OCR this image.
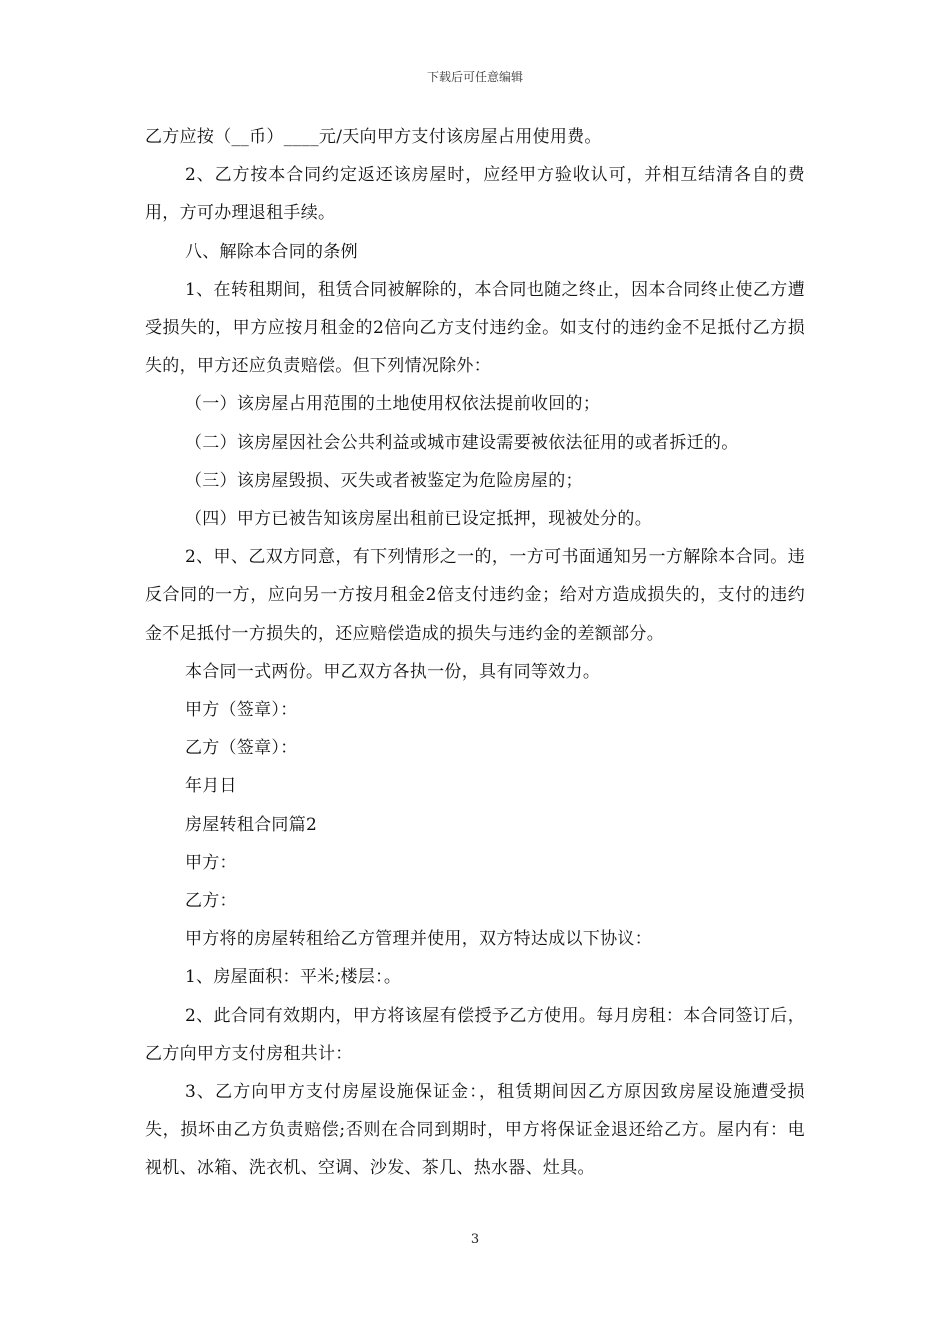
下载后可任意编辑

乙方应按（__币）____元/天向甲方支付该房屋占用使用费。

2、乙方按本合同约定返还该房屋时，应经甲方验收认可，并相互结清各自的费用，方可办理退租手续。

八、解除本合同的条例

1、在转租期间，租赁合同被解除的，本合同也随之终止，因本合同终止使乙方遭受损失的，甲方应按月租金的2倍向乙方支付违约金。如支付的违约金不足抵付乙方损失的，甲方还应负责赔偿。但下列情况除外：

（一）该房屋占用范围的土地使用权依法提前收回的；

（二）该房屋因社会公共利益或城市建设需要被依法征用的或者拆迁的。

（三）该房屋毁损、灭失或者被鉴定为危险房屋的；

（四）甲方已被告知该房屋出租前已设定抵押，现被处分的。

2、甲、乙双方同意，有下列情形之一的，一方可书面通知另一方解除本合同。违反合同的一方，应向另一方按月租金2倍支付违约金；给对方造成损失的，支付的违约金不足抵付一方损失的，还应赔偿造成的损失与违约金的差额部分。

本合同一式两份。甲乙双方各执一份，具有同等效力。

甲方（签章）：

乙方（签章）：

年月日

房屋转租合同篇2

甲方：

乙方：

甲方将的房屋转租给乙方管理并使用，双方特达成以下协议：

1、房屋面积：平米;楼层：。

2、此合同有效期内，甲方将该屋有偿授予乙方使用。每月房租：本合同签订后，乙方向甲方支付房租共计：

3、乙方向甲方支付房屋设施保证金：，租赁期间因乙方原因致房屋设施遭受损失，损坏由乙方负责赔偿;否则在合同到期时，甲方将保证金退还给乙方。屋内有：电视机、冰箱、洗衣机、空调、沙发、茶几、热水器、灶具。

3
